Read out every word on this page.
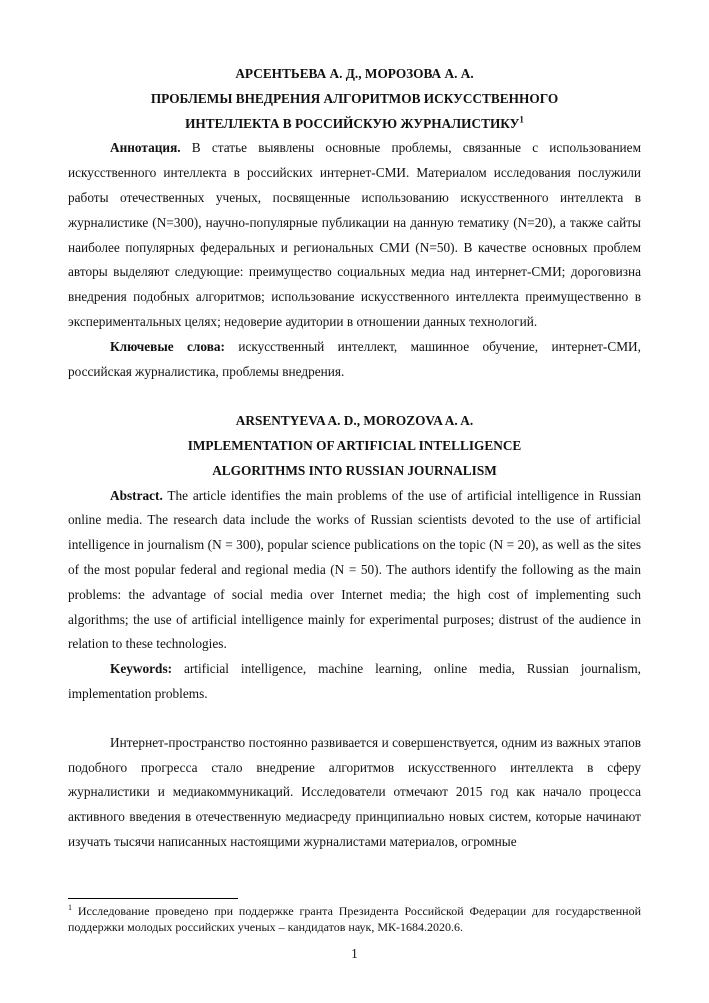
АРСЕНТЬЕВА А. Д., МОРОЗОВА А. А.
ПРОБЛЕМЫ ВНЕДРЕНИЯ АЛГОРИТМОВ ИСКУССТВЕННОГО
ИНТЕЛЛЕКТА В РОССИЙСКУЮ ЖУРНАЛИСТИКУ$^1$

Аннотация. В статье выявлены основные проблемы, связанные с использованием искусственного интеллекта в российских интернет-СМИ. Материалом исследования послужили работы отечественных ученых, посвященные использованию искусственного интеллекта в журналистике (N=300), научно-популярные публикации на данную тематику (N=20), а также сайты наиболее популярных федеральных и региональных СМИ (N=50). В качестве основных проблем авторы выделяют следующие: преимущество социальных медиа над интернет-СМИ; дороговизна внедрения подобных алгоритмов; использование искусственного интеллекта преимущественно в экспериментальных целях; недоверие аудитории в отношении данных технологий.

Ключевые слова: искусственный интеллект, машинное обучение, интернет-СМИ, российская журналистика, проблемы внедрения.

ARSENTYEVA A. D., MOROZOVA A. A.
IMPLEMENTATION OF ARTIFICIAL INTELLIGENCE
ALGORITHMS INTO RUSSIAN JOURNALISM

Abstract. The article identifies the main problems of the use of artificial intelligence in Russian online media. The research data include the works of Russian scientists devoted to the use of artificial intelligence in journalism (N = 300), popular science publications on the topic (N = 20), as well as the sites of the most popular federal and regional media (N = 50). The authors identify the following as the main problems: the advantage of social media over Internet media; the high cost of implementing such algorithms; the use of artificial intelligence mainly for experimental purposes; distrust of the audience in relation to these technologies.

Keywords: artificial intelligence, machine learning, online media, Russian journalism, implementation problems.

Интернет-пространство постоянно развивается и совершенствуется, одним из важных этапов подобного прогресса стало внедрение алгоритмов искусственного интеллекта в сферу журналистики и медиакоммуникаций. Исследователи отмечают 2015 год как начало процесса активного введения в отечественную медиасреду принципиально новых систем, которые начинают изучать тысячи написанных настоящими журналистами материалов, огромные

$^1$ Исследование проведено при поддержке гранта Президента Российской Федерации для государственной поддержки молодых российских ученых – кандидатов наук, МК-1684.2020.6.
1
